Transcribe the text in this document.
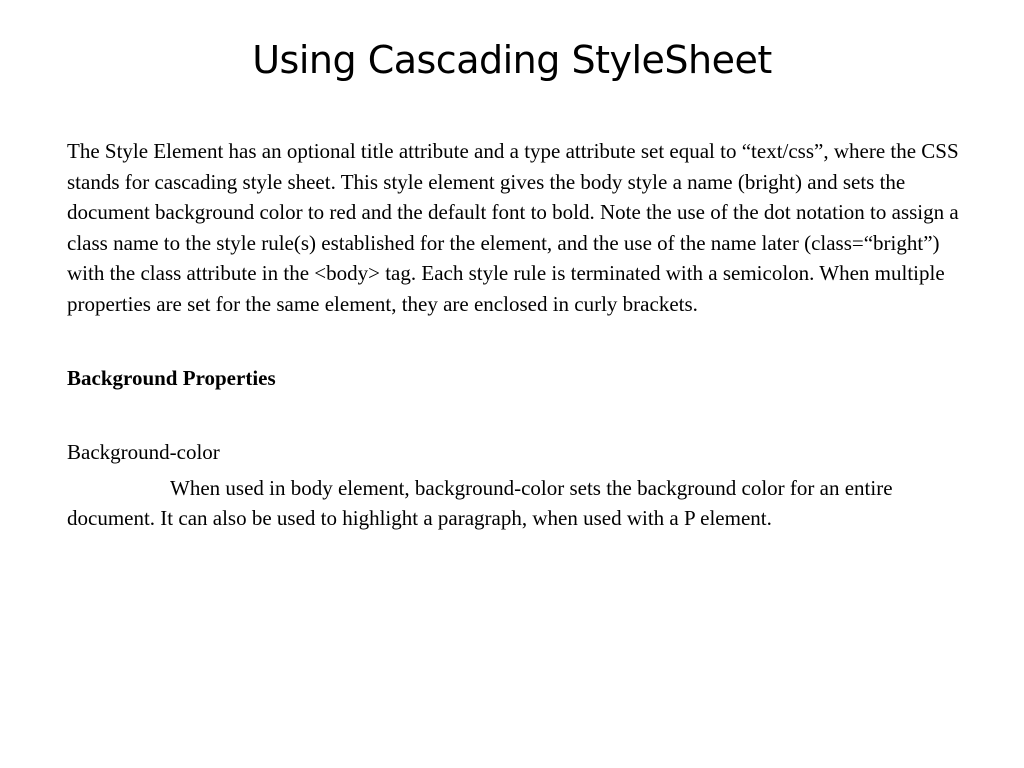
Using Cascading StyleSheet

The Style Element has an optional title attribute and a type attribute set equal to “text/css”, where the CSS stands for cascading style sheet. This style element gives the body style a name (bright) and sets the document background color to red and the default font to bold. Note the use of the dot notation to assign a class name to the style rule(s) established for the element, and the use of the name later (class=“bright”) with the class attribute in the <body> tag. Each style rule is terminated with a semicolon. When multiple properties are set for the same element, they are enclosed in curly brackets.

Background Properties

Background-color

When used in body element, background-color sets the background color for an entire document. It can also be used to highlight a paragraph, when used with a P element.
